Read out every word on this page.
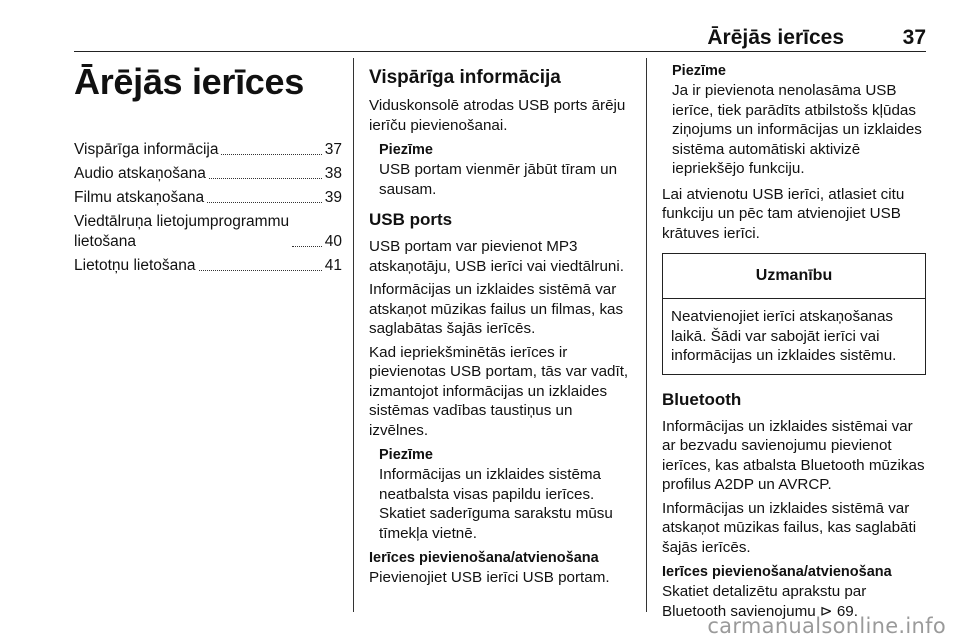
Ārējās ierīces	37
Ārējās ierīces
Vispārīga informācija	37
Audio atskaņošana	38
Filmu atskaņošana	39
Viedtālruņa lietojumprogrammu
lietošana	40
Lietotņu lietošana	41
Vispārīga informācija

Viduskonsolē atrodas USB ports ārēju ierīču pievienošanai.

Piezīme
USB portam vienmēr jābūt tīram un sausam.
USB ports

USB portam var pievienot MP3 atskaņotāju, USB ierīci vai viedtālruni.

Informācijas un izklaides sistēmā var atskaņot mūzikas failus un filmas, kas saglabātas šajās ierīcēs.

Kad iepriekšminētās ierīces ir pievienotas USB portam, tās var vadīt, izmantojot informācijas un izklaides sistēmas vadības taustiņus un izvēlnes.

Piezīme
Informācijas un izklaides sistēma neatbalsta visas papildu ierīces. Skatiet saderīguma sarakstu mūsu tīmekļa vietnē.
Ierīces pievienošana/atvienošana

Pievienojiet USB ierīci USB portam.

Piezīme
Ja ir pievienota nenolasāma USB ierīce, tiek parādīts atbilstošs kļūdas ziņojums un informācijas un izklaides sistēma automātiski aktivizē iepriekšējo funkciju.

Lai atvienotu USB ierīci, atlasiet citu funkciju un pēc tam atvienojiet USB krātuves ierīci.

Uzmanību
Neatvienojiet ierīci atskaņošanas laikā. Šādi var sabojāt ierīci vai informācijas un izklaides sistēmu.
Bluetooth

Informācijas un izklaides sistēmai var ar bezvadu savienojumu pievienot ierīces, kas atbalsta Bluetooth mūzikas profilus A2DP un AVRCP.

Informācijas un izklaides sistēmā var atskaņot mūzikas failus, kas saglabāti šajās ierīcēs.

Ierīces pievienošana/atvienošana

Skatiet detalizētu aprakstu par Bluetooth savienojumu ⊳ 69.

carmanualsonline.info
